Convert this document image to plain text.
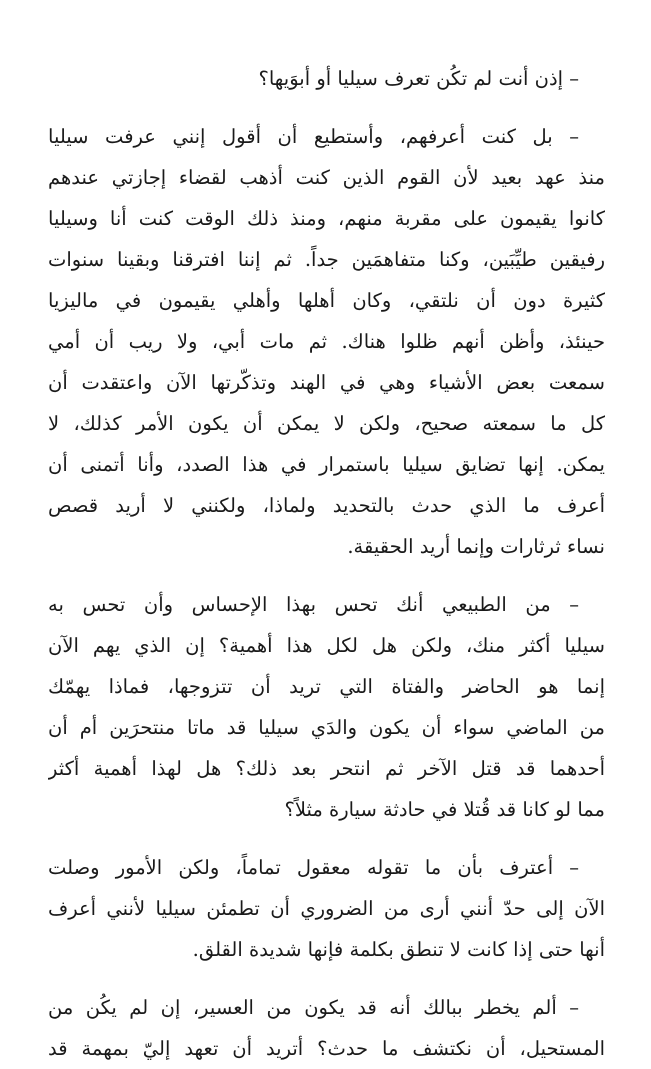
– إذن أنت لم تكُن تعرف سيليا أو أبوَيها؟
– بل كنت أعرفهم، وأستطيع أن أقول إنني عرفت سيليا
منذ عهد بعيد لأن القوم الذين كنت أذهب لقضاء إجازتي عندهم
كانوا يقيمون على مقربة منهم، ومنذ ذلك الوقت كنت أنا وسيليا
رفيقين طيِّبَين، وكنا متفاهمَين جداً. ثم إننا افترقنا وبقينا سنوات
كثيرة دون أن نلتقي، وكان أهلها وأهلي يقيمون في ماليزيا
حينئذ، وأظن أنهم ظلوا هناك. ثم مات أبي، ولا ريب أن أمي
سمعت بعض الأشياء وهي في الهند وتذكّرتها الآن واعتقدت أن
كل ما سمعته صحيح، ولكن لا يمكن أن يكون الأمر كذلك، لا
يمكن. إنها تضايق سيليا باستمرار في هذا الصدد، وأنا أتمنى أن
أعرف ما الذي حدث بالتحديد ولماذا، ولكنني لا أريد قصص
نساء ثرثارات وإنما أريد الحقيقة.
– من الطبيعي أنك تحس بهذا الإحساس وأن تحس به
سيليا أكثر منك، ولكن هل لكل هذا أهمية؟ إن الذي يهم الآن
إنما هو الحاضر والفتاة التي تريد أن تتزوجها، فماذا يهمّك
من الماضي سواء أن يكون والدَي سيليا قد ماتا منتحرَين أم أن
أحدهما قد قتل الآخر ثم انتحر بعد ذلك؟ هل لهذا أهمية أكثر
مما لو كانا قد قُتلا في حادثة سيارة مثلاً؟
– أعترف بأن ما تقوله معقول تماماً، ولكن الأمور وصلت
الآن إلى حدّ أنني أرى من الضروري أن تطمئن سيليا لأنني أعرف
أنها حتى إذا كانت لا تنطق بكلمة فإنها شديدة القلق.
– ألم يخطر ببالك أنه قد يكون من العسير، إن لم يكُن من
المستحيل، أن نكتشف ما حدث؟ أتريد أن تعهد إليّ بمهمة قد
